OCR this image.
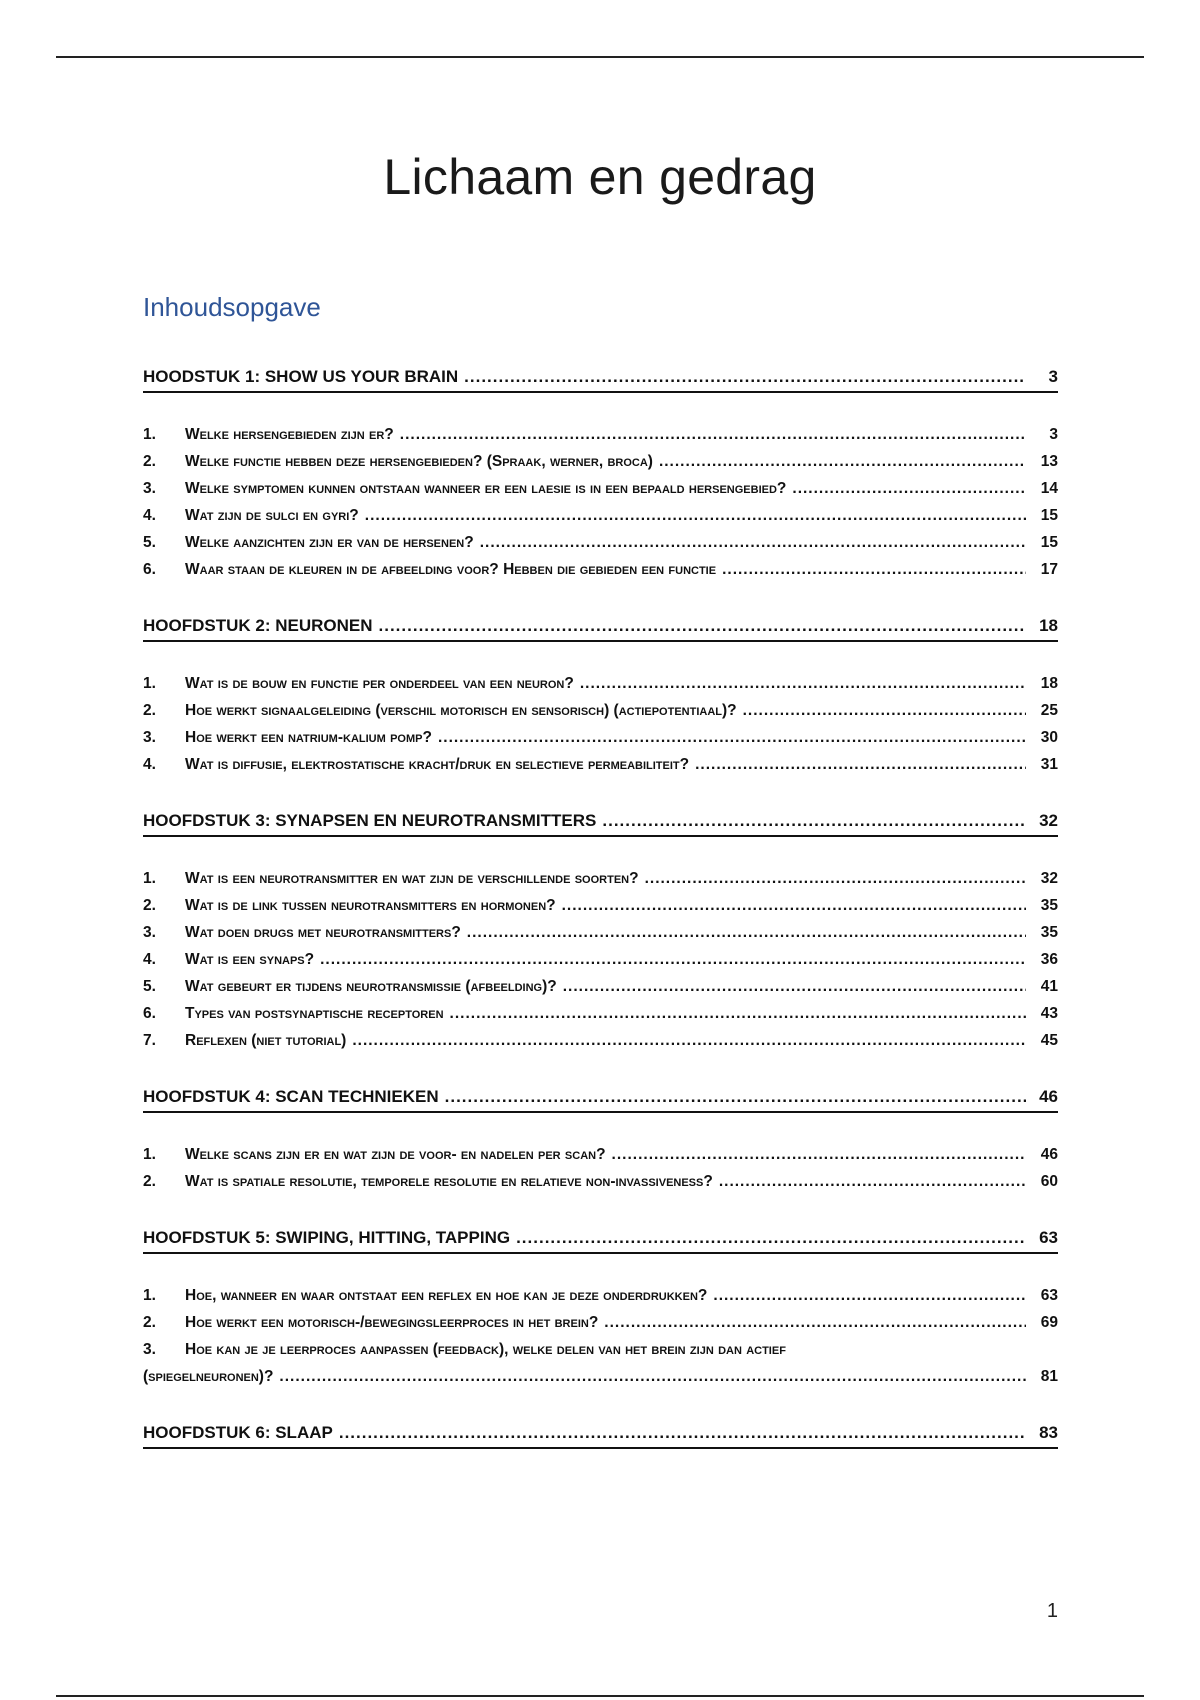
Lichaam en gedrag
Inhoudsopgave
HOODSTUK 1: SHOW US YOUR BRAIN .....	3
1.	Welke hersengebieden zijn er? .....	3
2.	Welke functie hebben deze hersengebieden? (Spraak, werner, broca) .....	13
3.	Welke symptomen kunnen ontstaan wanneer er een laesie is in een bepaald hersengebied? .....	14
4.	Wat zijn de sulci en gyri? .....	15
5.	Welke aanzichten zijn er van de hersenen? .....	15
6.	Waar staan de kleuren in de afbeelding voor? Hebben die gebieden een functie .....	17
HOOFDSTUK 2: NEURONEN .....	18
1.	Wat is de bouw en functie per onderdeel van een neuron? .....	18
2.	Hoe werkt signaalgeleiding (verschil motorisch en sensorisch) (actiepotentiaal)? .....	25
3.	Hoe werkt een natrium-kalium pomp? .....	30
4.	Wat is diffusie, elektrostatische kracht/druk en selectieve permeabiliteit? .....	31
HOOFDSTUK 3: SYNAPSEN EN NEUROTRANSMITTERS .....	32
1.	Wat is een neurotransmitter en wat zijn de verschillende soorten? .....	32
2.	Wat is de link tussen neurotransmitters en hormonen? .....	35
3.	Wat doen drugs met neurotransmitters? .....	35
4.	Wat is een synaps? .....	36
5.	Wat gebeurt er tijdens neurotransmissie (afbeelding)? .....	41
6.	Types van postsynaptische receptoren .....	43
7.	Reflexen (niet tutorial) .....	45
HOOFDSTUK 4: SCAN TECHNIEKEN .....	46
1.	Welke scans zijn er en wat zijn de voor- en nadelen per scan? .....	46
2.	Wat is spatiale resolutie, temporele resolutie en relatieve non-invassiveness? .....	60
HOOFDSTUK 5: SWIPING, HITTING, TAPPING .....	63
1.	Hoe, wanneer en waar ontstaat een reflex en hoe kan je deze onderdrukken? .....	63
2.	Hoe werkt een motorisch-/bewegingsleerproces in het brein? .....	69
3.	Hoe kan je je leerproces aanpassen (feedback), welke delen van het brein zijn dan actief
(spiegelneuronen)? .....	81
HOOFDSTUK 6: SLAAP .....	83
1
